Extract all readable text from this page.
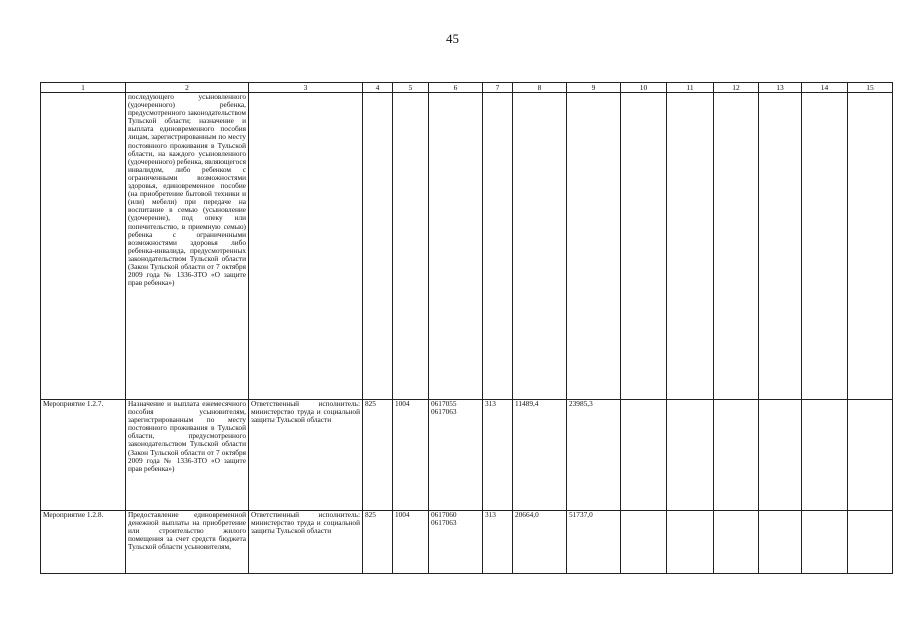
45
1	2	3	4	5	6	7	8	9	10	11	12	13	14	15
	последующего усыновленного (удочеренного) ребенка, предусмотренного законодательством Тульской области; назначение и выплата единовременного пособия лицам, зарегистрированным по месту постоянного проживания в Тульской области, на каждого усыновленного (удочеренного) ребенка, являющегося инвалидом, либо ребенком с ограниченными возможностями здоровья, единовременное пособие (на приобретение бытовой техники и (или) мебели) при передаче на воспитание в семью (усыновление (удочерение), под опеку или попечительство, в приемную семью) ребенка с ограниченными возможностями здоровья либо ребенка-инвалида, предусмотренных законодательством Тульской области (Закон Тульской области от 7 октября 2009 года № 1336-ЗТО «О защите прав ребенка»)				

Мероприятие 1.2.7.	Назначение и выплата ежемесячного пособия усыновителям, зарегистрированным по месту постоянного проживания в Тульской области, предусмотренного законодательством Тульской области (Закон Тульской области от 7 октября 2009 года № 1336-ЗТО «О защите прав ребенка»)	Ответственный исполнитель: министерство труда и социальной защиты Тульской области	825	1004	0617055
0617063	313	11489,4	23985,3						
Мероприятие 1.2.8.	Предоставление единовременной денежной выплаты на приобретение или строительство жилого помещения за счет средств бюджета Тульской области усыновителям,	Ответственный исполнитель: министерство труда и социальной защиты Тульской области	825	1004	0617060
0617063	313	20664,0	51737,0						
